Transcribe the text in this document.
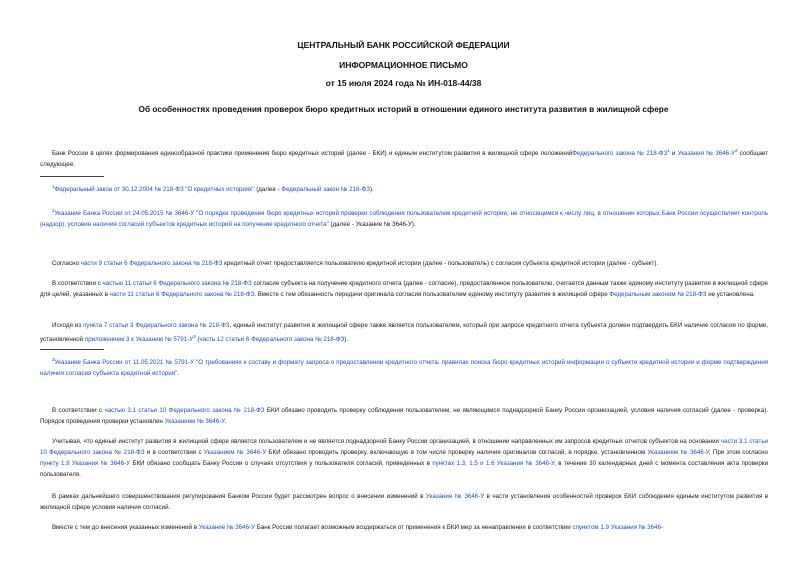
ЦЕНТРАЛЬНЫЙ БАНК РОССИЙСКОЙ ФЕДЕРАЦИИ
ИНФОРМАЦИОННОЕ ПИСЬМО
от 15 июля 2024 года № ИН-018-44/38
Об особенностях проведения проверок бюро кредитных историй в отношении единого института развития в жилищной сфере

Банк России в целях формирования единообразной практики применения бюро кредитных историй (далее - БКИ) и единым институтом развития в жилищной сфере положенийФедерального закона № $218-ФЗ^1$ и Указания № $3646-У^2$ сообщает следующее.

$^1$Федеральный закон от 30.12.2004 № 218-ФЗ "О кредитных историях" (далее - Федеральный закон № 218-ФЗ).

$^2$Указание Банка России от 24.05.2015 № 3646-У "О порядке проведения бюро кредитных историй проверки соблюдения пользователем кредитной истории, не относящимся к числу лиц, в отношении которых Банк России осуществляет контроль (надзор), условия наличия согласий субъектов кредитных историй на получение кредитного отчета" (далее - Указание № 3646-У).

Согласно части 9 статьи 6 Федерального закона № 218-ФЗ кредитный отчет предоставляется пользователю кредитной истории (далее - пользователь) с согласия субъекта кредитной истории (далее - субъект).

В соответствии с частью 11 статьи 6 Федерального закона № 218-ФЗ согласие субъекта на получение кредитного отчета (далее - согласие), предоставленное пользователю, считается данным также единому институту развития в жилищной сфере для целей, указанных в части 11 статьи 6 Федерального закона № 218-ФЗ. Вместе с тем обязанность передачи оригинала согласия пользователем единому институту развития в жилищной сфере Федеральным законом № 218-ФЗ не установлена.

Исходя из пункта 7 статьи 3 Федерального закона № 218-ФЗ, единый институт развития в жилищной сфере также является пользователем, который при запросе кредитного отчета субъекта должен подтвердить БКИ наличие согласия по форме, установленной приложением 3 к Указанию № $5791-У^3$ (часть 12 статьи 6 Федерального закона № 218-ФЗ).

$^3$Указание Банка России от 11.05.2021 № 5791-У "О требованиях к составу и формату запроса о предоставлении кредитного отчета, правилах поиска бюро кредитных историй информации о субъекте кредитной истории и форме подтверждения наличия согласия субъекта кредитной истории".

В соответствии с частью 3.1 статьи 10 Федерального закона № 218-ФЗ БКИ обязано проводить проверку соблюдения пользователем, не являющимся поднадзорной Банку России организацией, условия наличия согласий (далее - проверка). Порядок проведения проверки установлен Указанием № 3646-У.

Учитывая, что единый институт развития в жилищной сфере является пользователем и не является поднадзорной Банку России организацией, в отношении направленных им запросов кредитных отчетов субъектов на основании части 3.1 статьи 10 Федерального закона № 218-ФЗ и в соответствии с Указанием № 3646-У БКИ обязано проводить проверку, включающую в том числе проверку наличия оригиналов согласий, в порядке, установленном Указанием № 3646-У. При этом согласно пункту 1.9 Указания № 3646-У БКИ обязано сообщать Банку России о случаях отсутствия у пользователя согласий, приведенных в пунктах 1.3, 1.5 и 1.6 Указания № 3646-У, в течение 30 календарных дней с момента составления акта проверки пользователя.

В рамках дальнейшего совершенствования регулирования Банком России будет рассмотрен вопрос о внесении изменений в Указание № 3646-У в части установления особенностей проверок БКИ соблюдения единым институтом развития в жилищной сфере условия наличия согласий.

Вместе с тем до внесения указанных изменений в Указание № 3646-У Банк России полагает возможным воздержаться от применения к БКИ мер за ненаправление в соответствии спунктом 1.9 Указания № 3646-
